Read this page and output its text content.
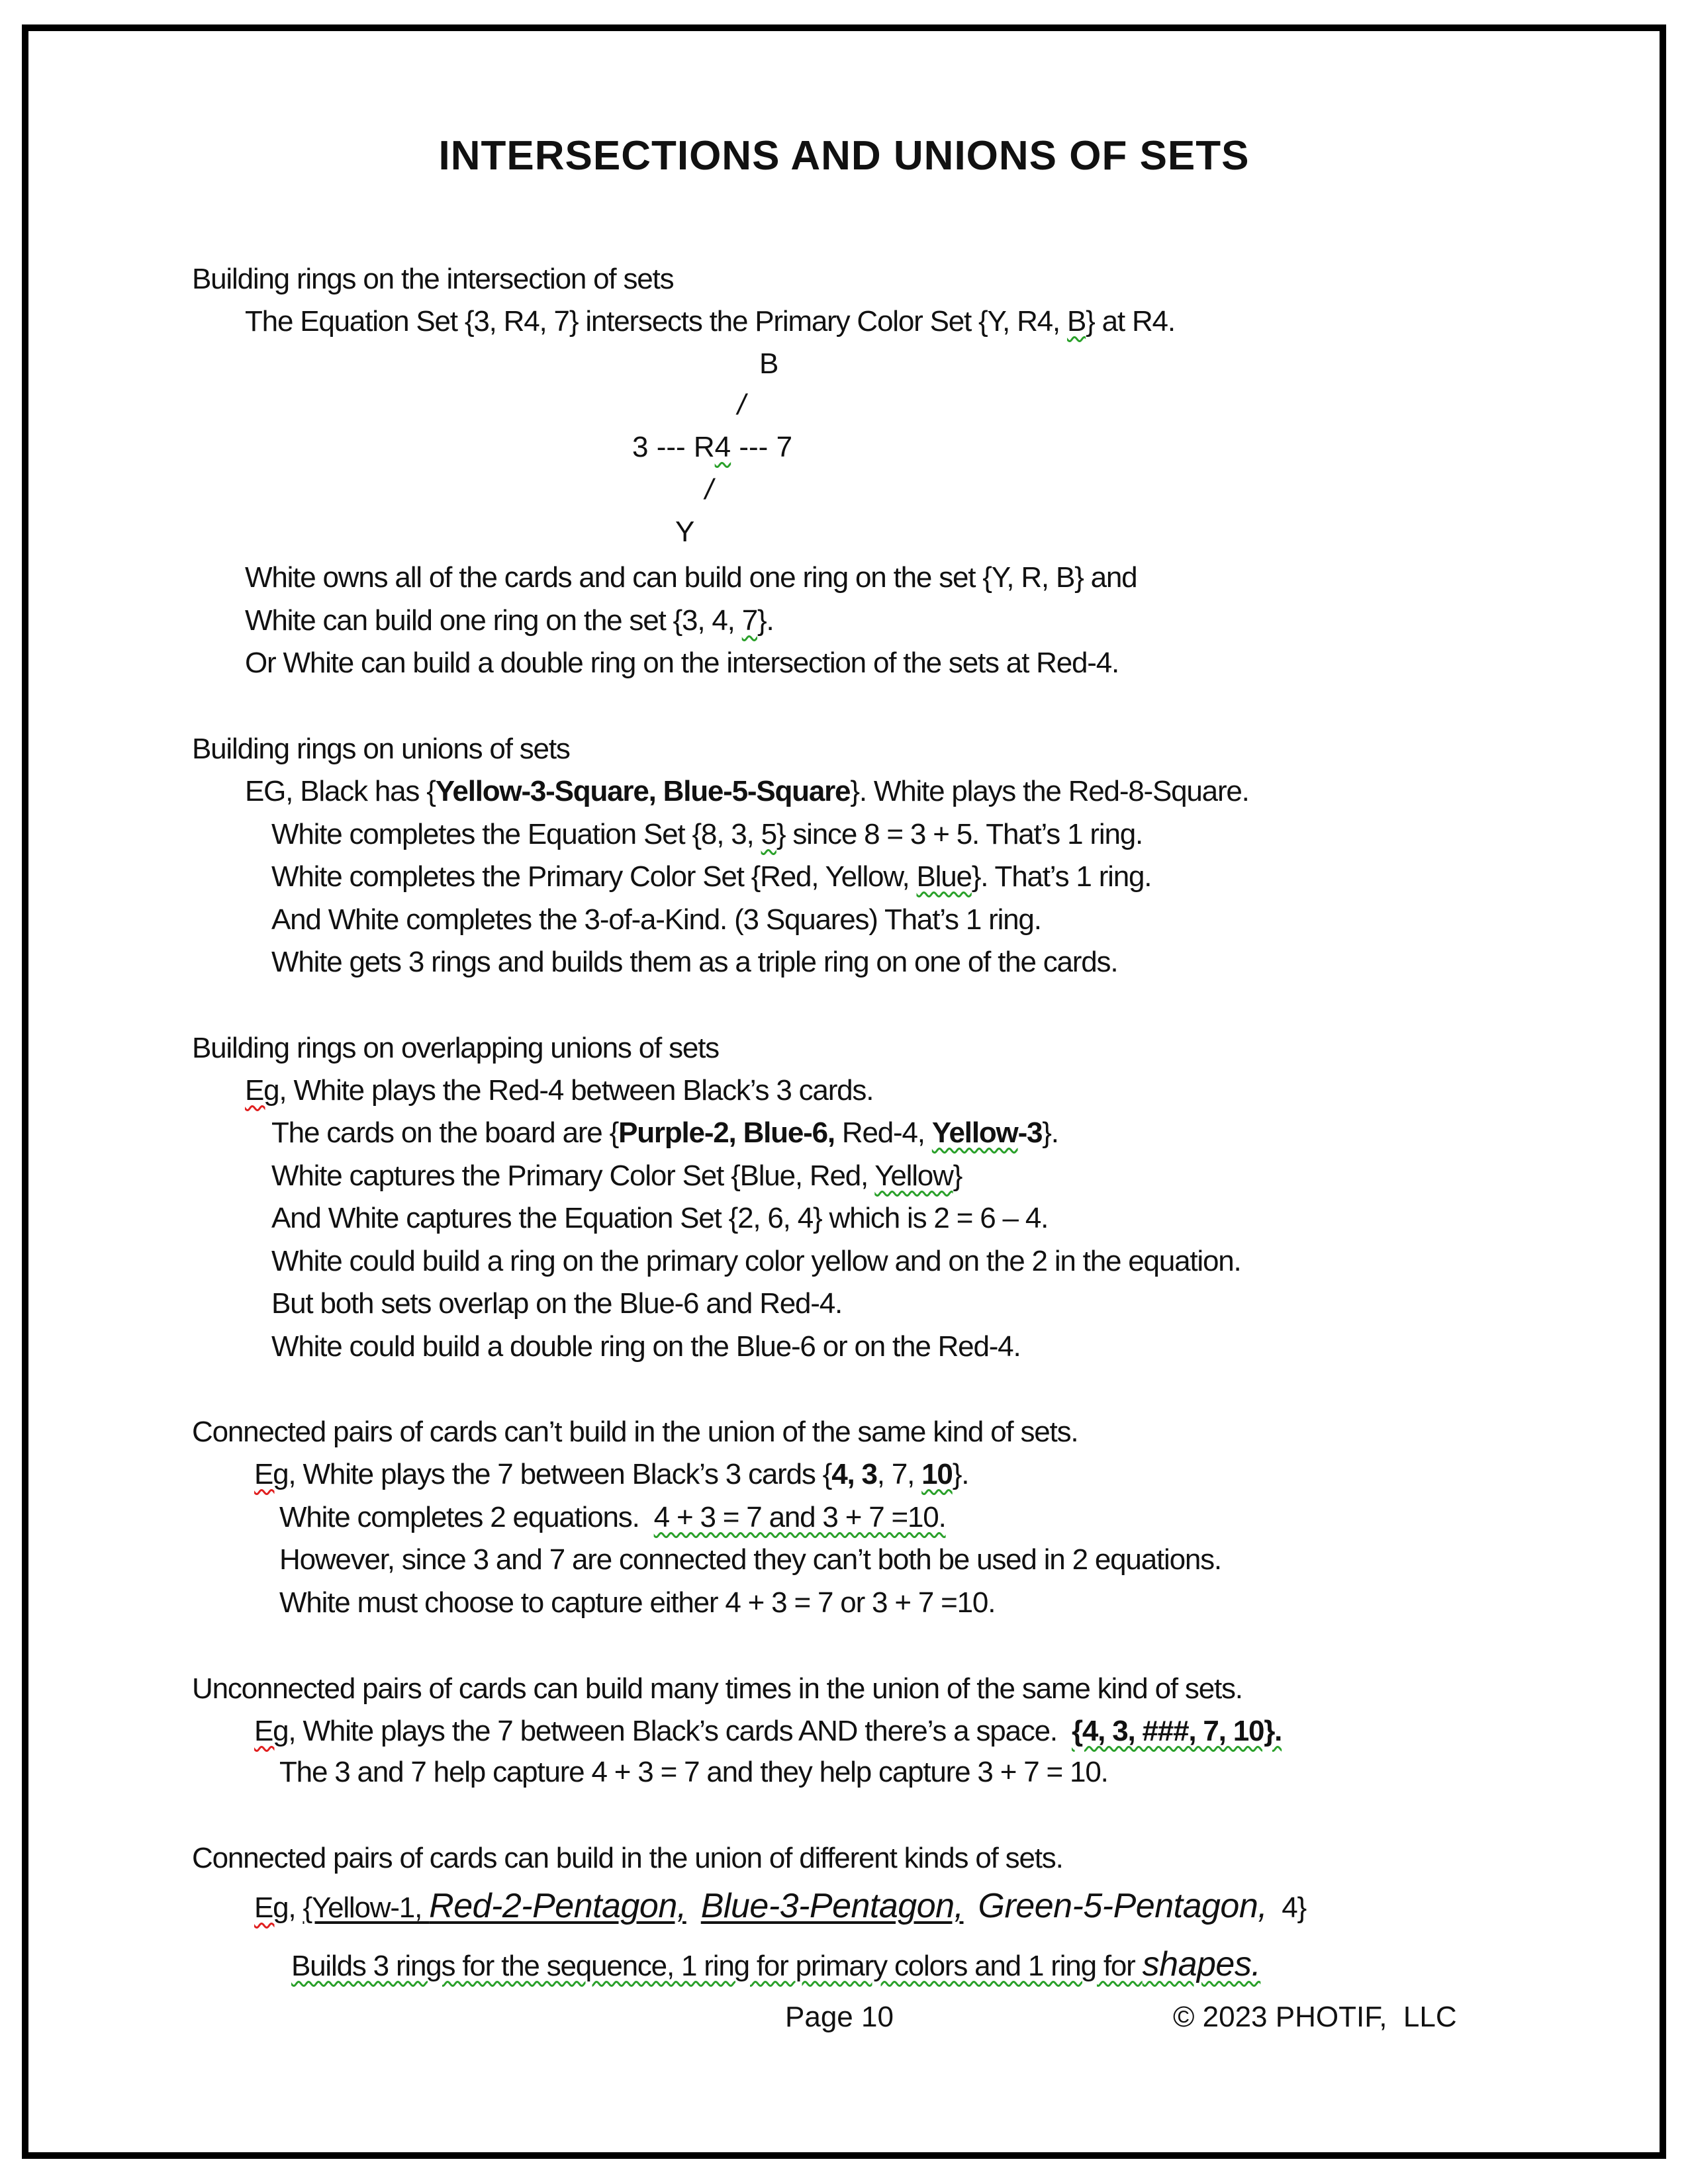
INTERSECTIONS AND UNIONS OF SETS
Building rings on the intersection of sets
The Equation Set {3, R4, 7} intersects the Primary Color Set {Y, R4, B} at R4.
B
/
3 --- R4 --- 7
/
Y
White owns all of the cards and can build one ring on the set {Y, R, B} and
White can build one ring on the set {3, 4, 7}.
Or White can build a double ring on the intersection of the sets at Red-4.
Building rings on unions of sets
EG, Black has {Yellow-3-Square, Blue-5-Square}. White plays the Red-8-Square.
White completes the Equation Set {8, 3, 5} since 8 = 3 + 5. That’s 1 ring.
White completes the Primary Color Set {Red, Yellow, Blue}. That’s 1 ring.
And White completes the 3-of-a-Kind. (3 Squares) That’s 1 ring.
White gets 3 rings and builds them as a triple ring on one of the cards.
Building rings on overlapping unions of sets
Eg, White plays the Red-4 between Black’s 3 cards.
The cards on the board are {Purple-2, Blue-6, Red-4, Yellow-3}.
White captures the Primary Color Set {Blue, Red, Yellow}
And White captures the Equation Set {2, 6, 4} which is 2 = 6 – 4.
White could build a ring on the primary color yellow and on the 2 in the equation.
But both sets overlap on the Blue-6 and Red-4.
White could build a double ring on the Blue-6 or on the Red-4.
Connected pairs of cards can’t build in the union of the same kind of sets.
Eg, White plays the 7 between Black’s 3 cards {4, 3, 7, 10}.
White completes 2 equations.  4 + 3 = 7 and 3 + 7 =10.
However, since 3 and 7 are connected they can’t both be used in 2 equations.
White must choose to capture either 4 + 3 = 7 or 3 + 7 =10.
Unconnected pairs of cards can build many times in the union of the same kind of sets.
Eg, White plays the 7 between Black’s cards AND there’s a space.  {4, 3, ###, 7, 10}.
The 3 and 7 help capture 4 + 3 = 7 and they help capture 3 + 7 = 10.
Connected pairs of cards can build in the union of different kinds of sets.
Eg, {Yellow-1, Red-2-Pentagon, Blue-3-Pentagon, Green-5-Pentagon,  4}
Builds 3 rings for the sequence, 1 ring for primary colors and 1 ring for shapes.
Page 10	© 2023 PHOTIF,  LLC
